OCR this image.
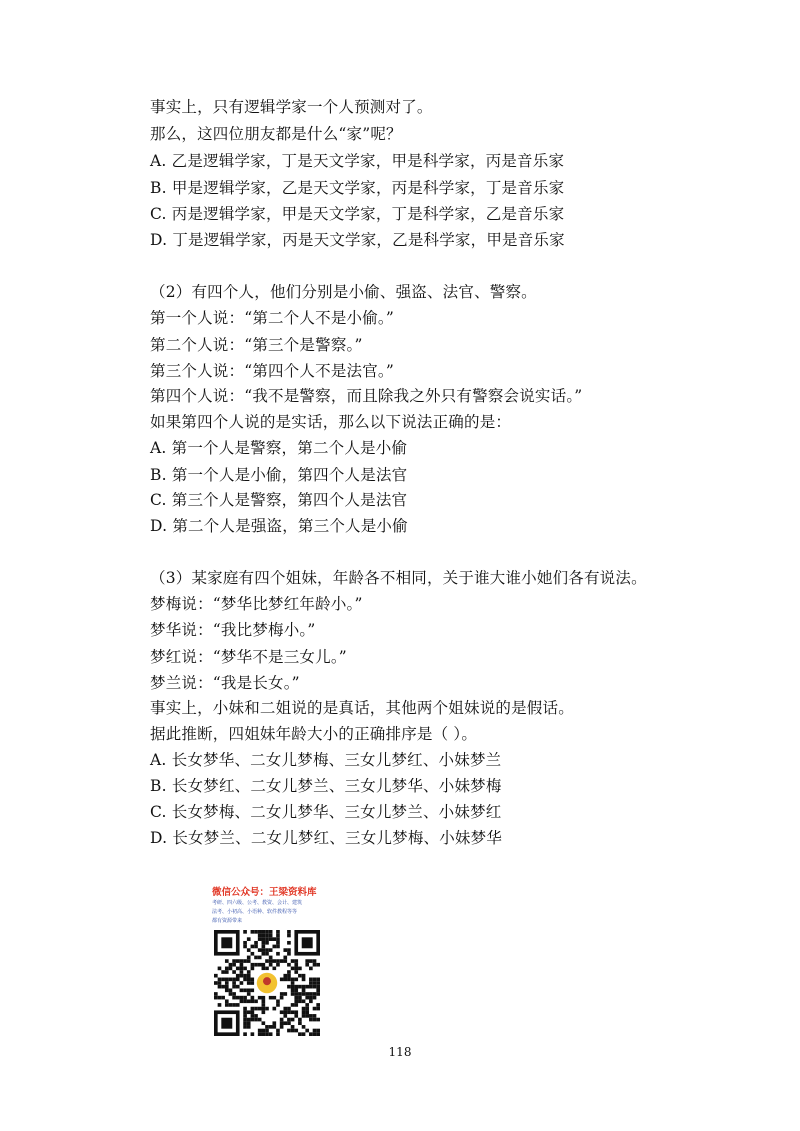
事实上，只有逻辑学家一个人预测对了。
那么，这四位朋友都是什么“家”呢？
A. 乙是逻辑学家，丁是天文学家，甲是科学家，丙是音乐家
B. 甲是逻辑学家，乙是天文学家，丙是科学家，丁是音乐家
C. 丙是逻辑学家，甲是天文学家，丁是科学家，乙是音乐家
D. 丁是逻辑学家，丙是天文学家，乙是科学家，甲是音乐家
（2）有四个人，他们分别是小偷、强盗、法官、警察。
第一个人说：“第二个人不是小偷。”
第二个人说：“第三个是警察。”
第三个人说：“第四个人不是法官。”
第四个人说：“我不是警察，而且除我之外只有警察会说实话。”
如果第四个人说的是实话，那么以下说法正确的是：
A. 第一个人是警察，第二个人是小偷
B. 第一个人是小偷，第四个人是法官
C. 第三个人是警察，第四个人是法官
D. 第二个人是强盗，第三个人是小偷
（3）某家庭有四个姐妹，年龄各不相同，关于谁大谁小她们各有说法。
梦梅说：“梦华比梦红年龄小。”
梦华说：“我比梦梅小。”
梦红说：“梦华不是三女儿。”
梦兰说：“我是长女。”
事实上，小妹和二姐说的是真话，其他两个姐妹说的是假话。
据此推断，四姐妹年龄大小的正确排序是（ ）。
A. 长女梦华、二女儿梦梅、三女儿梦红、小妹梦兰
B. 长女梦红、二女儿梦兰、三女儿梦华、小妹梦梅
C. 长女梦梅、二女儿梦华、三女儿梦兰、小妹梦红
D. 长女梦兰、二女儿梦红、三女儿梦梅、小妹梦华
微信公众号：王梁资料库
考研、四六级、公考、教资、会计、建筑
法考、小初高、小语种、软件教程等等
都有资源带来
118
